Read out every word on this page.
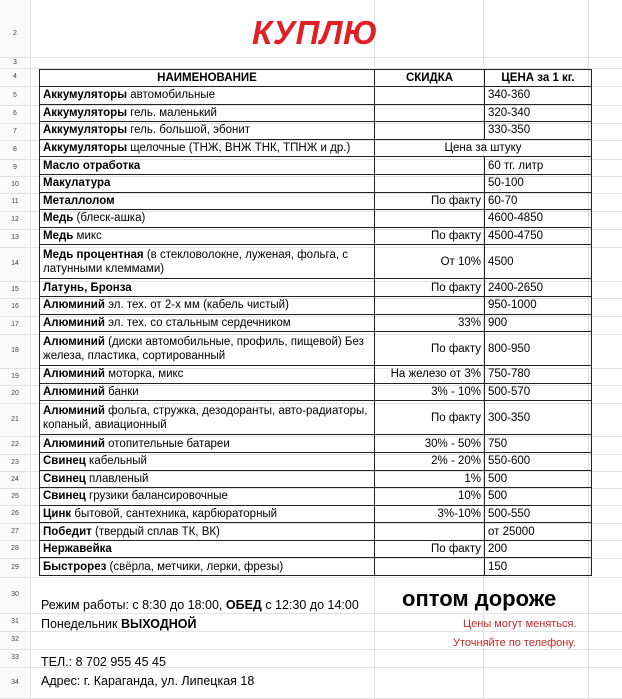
2
3
4
5
6
7
8
9
10
11
12
13
14
15
16
17
18
19
20
21
22
23
24
25
26
27
28
29
30
31
32
33
34
КУПЛЮ
НАИМЕНОВАНИЕ	СКИДКА	ЦЕНА за 1 кг.
Аккумуляторы автомобильные		340-360
Аккумуляторы гель. маленький		320-340
Аккумуляторы гель. большой, эбонит		330-350
Аккумуляторы щелочные (ТНЖ, ВНЖ ТНК, ТПНЖ и др.)	Цена за штуку	
Масло отработка		60 тг. литр
Макулатура		50-100
Металлолом	По факту	60-70
Медь (блеск-ашка)		4600-4850
Медь микс	По факту	4500-4750
Медь процентная (в стекловолокне, луженая, фольга, с латунными клеммами)	От 10%	4500
Латунь, Бронза	По факту	2400-2650
Алюминий эл. тех. от 2-х мм (кабель чистый)		950-1000
Алюминий эл. тех. со стальным сердечником	33%	900
Алюминий (диски автомобильные, профиль, пищевой) Без железа, пластика, сортированный	По факту	800-950
Алюминий моторка, микс	На железо от 3%	750-780
Алюминий банки	3% - 10%	500-570
Алюминий фольга, стружка, дезодоранты, авто-радиаторы, копаный, авиационный	По факту	300-350
Алюминий отопительные батареи	30% - 50%	750
Свинец кабельный	2% - 20%	550-600
Свинец плавленый	1%	500
Свинец грузики балансировочные	10%	500
Цинк бытовой, сантехника, карбюраторный	3%-10%	500-550
Победит (твердый сплав ТК, ВК)		от 25000
Нержавейка	По факту	200
Быстрорез (свёрла, метчики, лерки, фрезы)		150
Режим работы: с 8:30 до 18:00, ОБЕД с 12:30 до 14:00
Понедельник ВЫХОДНОЙ
ТЕЛ.: 8 702 955 45 45
Адрес: г. Караганда, ул. Липецкая 18
оптом дороже
Цены могут меняться.
Уточняйте по телефону.
